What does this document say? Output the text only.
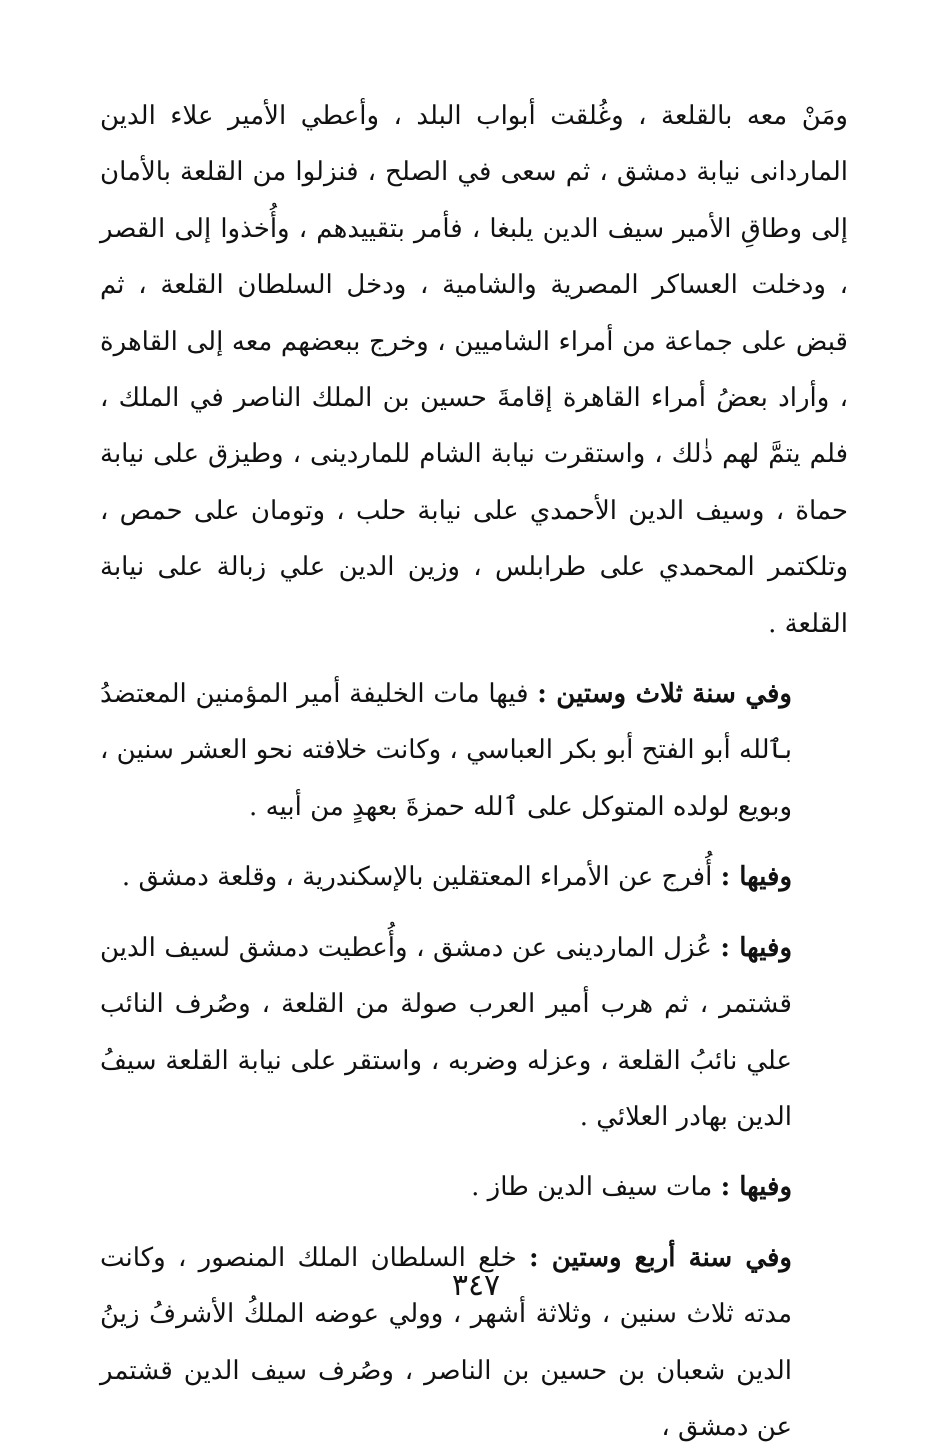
ومَنْ معه بالقلعة ، وغُلقت أبواب البلد ، وأعطي الأمير علاء الدين الماردانى نيابة دمشق ، ثم سعى في الصلح ، فنزلوا من القلعة بالأمان إلى وطاقِ الأمير سيف الدين يلبغا ، فأمر بتقييدهم ، وأُخذوا إلى القصر ، ودخلت العساكر المصرية والشامية ، ودخل السلطان القلعة ، ثم قبض على جماعة من أمراء الشاميين ، وخرج ببعضهم معه إلى القاهرة ، وأراد بعضُ أمراء القاهرة إقامةَ حسين بن الملك الناصر في الملك ، فلم يتمَّ لهم ذٰلك ، واستقرت نيابة الشام للماردينى ، وطيزق على نيابة حماة ، وسيف الدين الأحمدي على نيابة حلب ، وتومان على حمص ، وتلكتمر المحمدي على طرابلس ، وزين الدين علي زبالة على نيابة القلعة .

وفي سنة ثلاث وستين : فيها مات الخليفة أمير المؤمنين المعتضدُ بٱلله أبو الفتح أبو بكر العباسي ، وكانت خلافته نحو العشر سنين ، وبويع لولده المتوكل على ٱلله حمزةَ بعهدٍ من أبيه .

وفيها : أُفرج عن الأمراء المعتقلين بالإسكندرية ، وقلعة دمشق .

وفيها : عُزل الماردينى عن دمشق ، وأُعطيت دمشق لسيف الدين قشتمر ، ثم هرب أمير العرب صولة من القلعة ، وصُرف النائب علي نائبُ القلعة ، وعزله وضربه ، واستقر على نيابة القلعة سيفُ الدين بهادر العلائي .

وفيها : مات سيف الدين طاز .

وفي سنة أربع وستين : خلع السلطان الملك المنصور ، وكانت مدته ثلاث سنين ، وثلاثة أشهر ، وولي عوضه الملكُ الأشرفُ زينُ الدين شعبان بن حسين بن الناصر ، وصُرف سيف الدين قشتمر عن دمشق ،

٣٤٧
